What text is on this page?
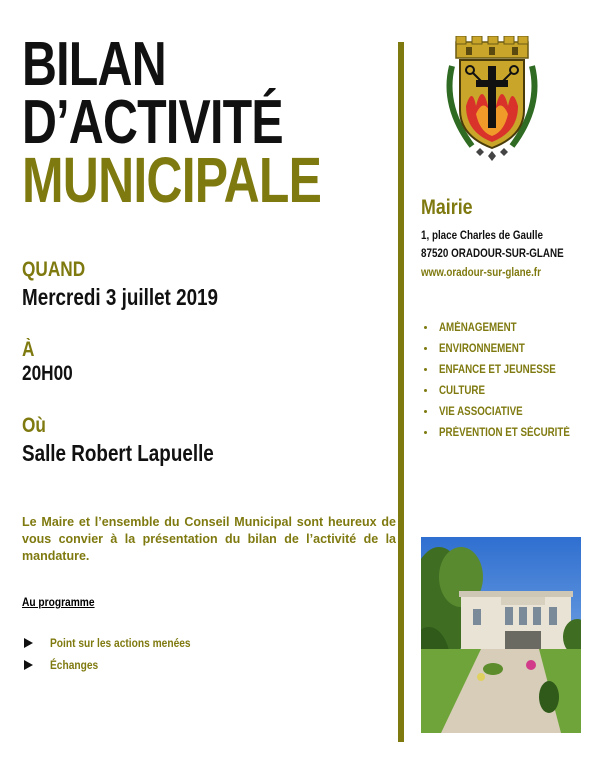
BILAN
D’ACTIVITÉ
MUNICIPALE
QUAND
Mercredi 3 juillet 2019
À
20H00
Où
Salle Robert Lapuelle
Le Maire et l’ensemble du Conseil Municipal sont heureux de vous convier à la présentation du bilan de l’activité de la mandature.
Au programme
Point sur les actions menées
Échanges
Mairie
1, place Charles de Gaulle
87520 ORADOUR-SUR-GLANE
www.oradour-sur-glane.fr
AMÉNAGEMENT
ENVIRONNEMENT
ENFANCE ET JEUNESSE
CULTURE
VIE ASSOCIATIVE
PRÉVENTION ET SÉCURITÉ
